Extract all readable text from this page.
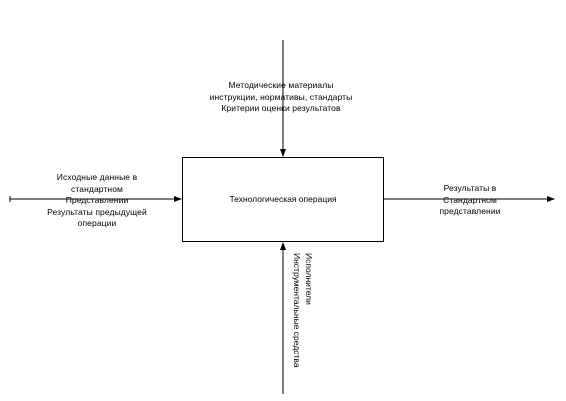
Технологическая операция
Методические материалы
инструкции, нормативы, стандарты
Критерии оценки результатов
Исходные данные в
стандартном
Представлении
Результаты предыдущей
операции
Результаты в
Стандартном
представлении
Исполнители
Инструментальные средства
